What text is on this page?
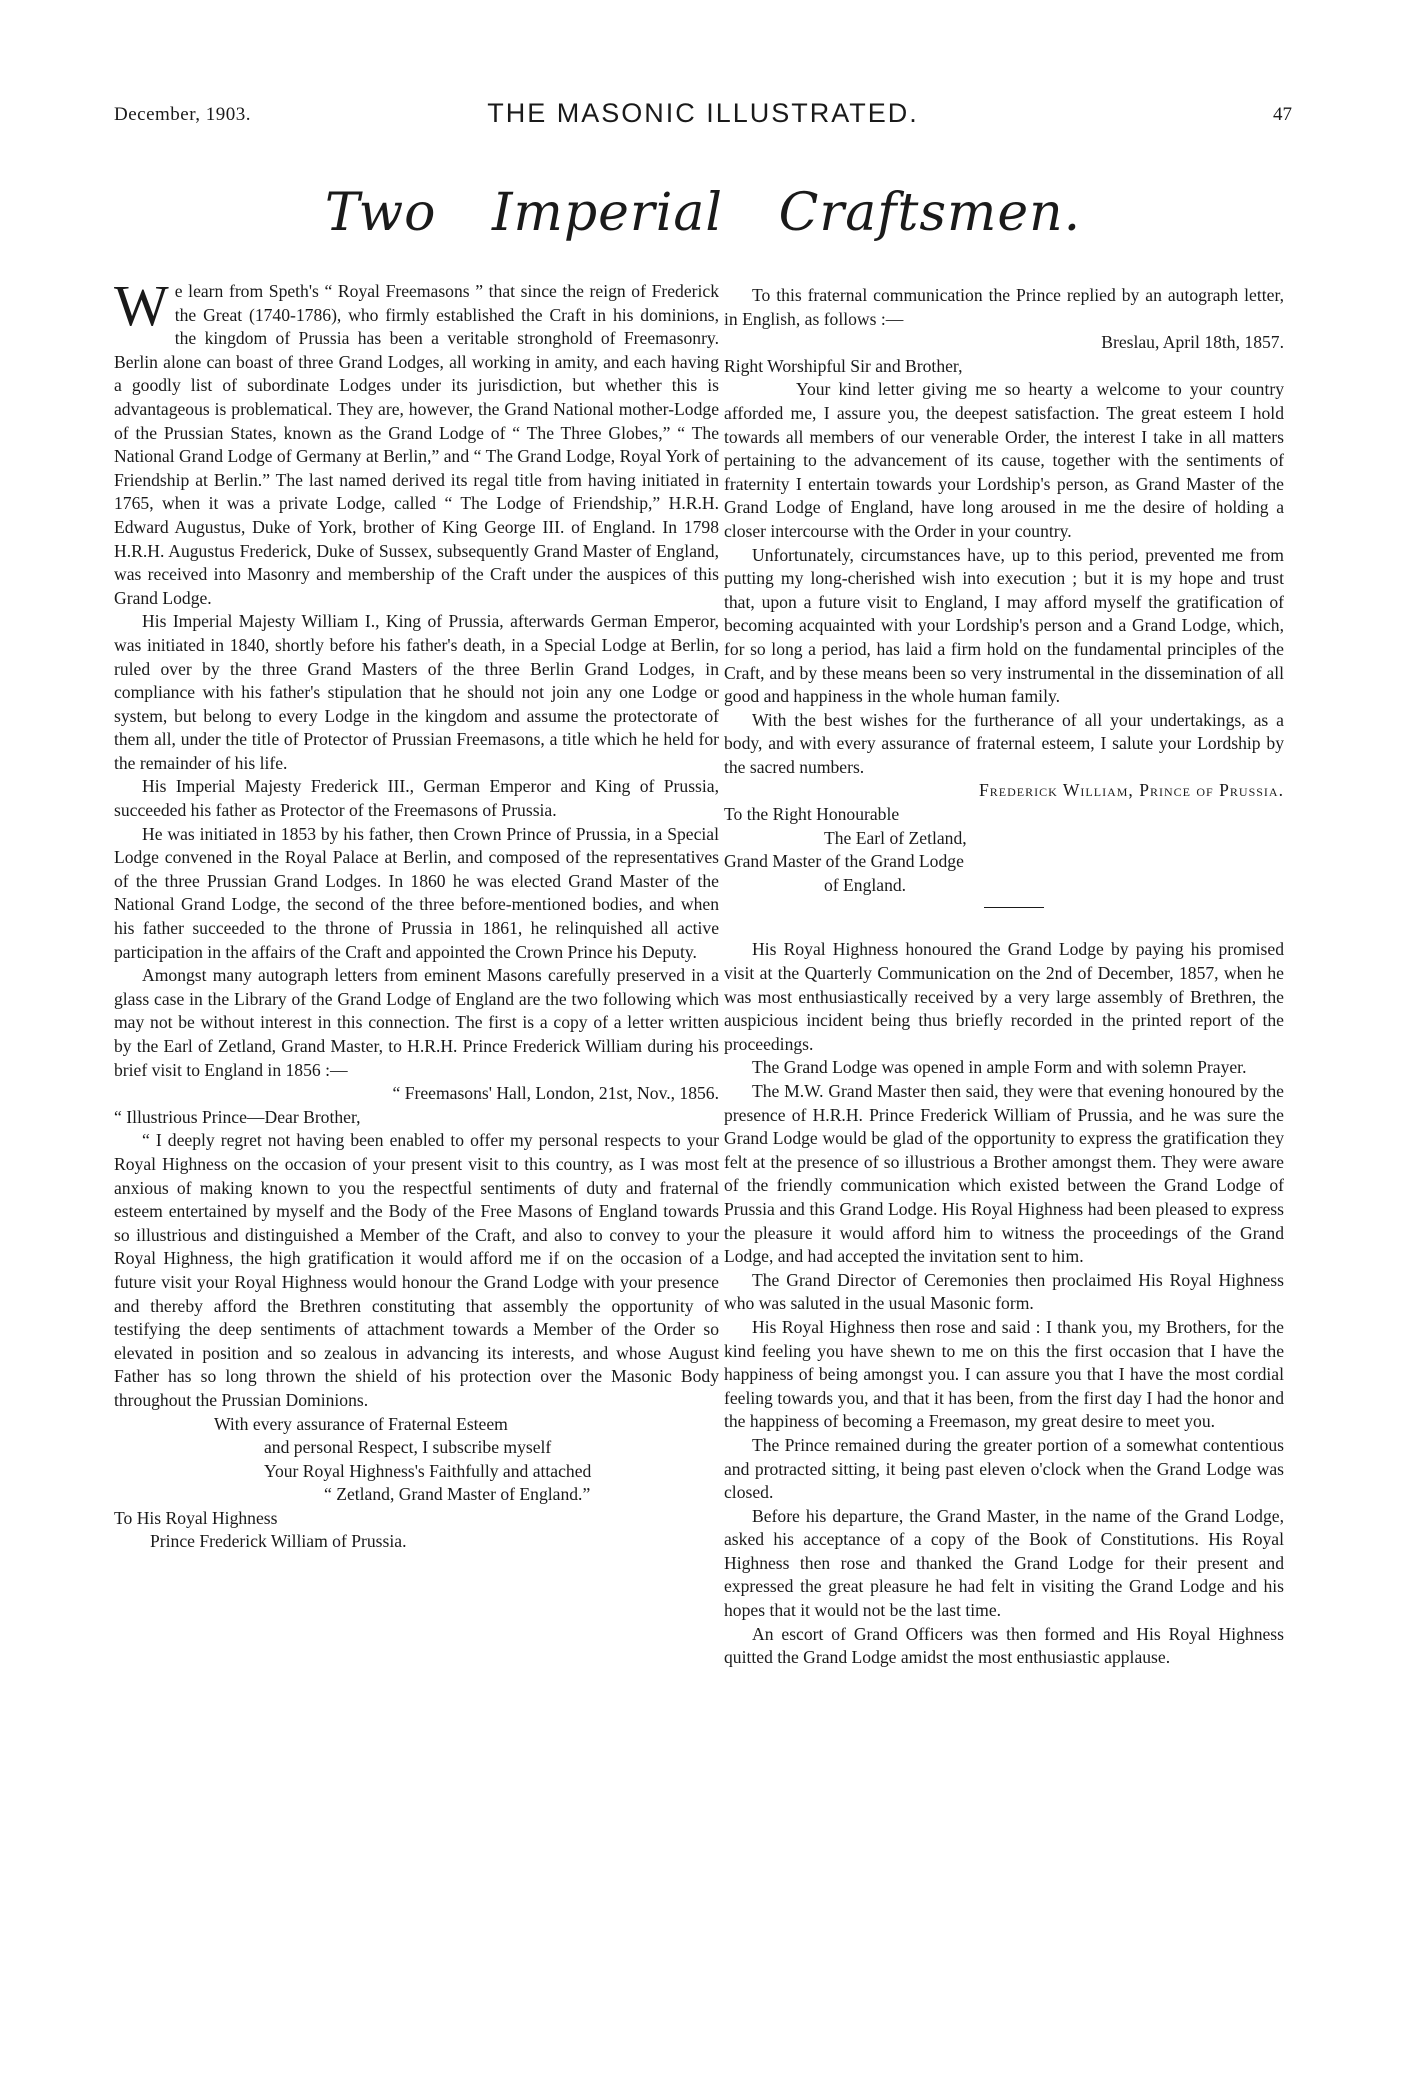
December, 1903.	THE MASONIC ILLUSTRATED.	47
Two Imperial Craftsmen.

We learn from Speth's “ Royal Freemasons ” that since the reign of Frederick the Great (1740-1786), who firmly established the Craft in his dominions, the kingdom of Prussia has been a veritable stronghold of Freemasonry. Berlin alone can boast of three Grand Lodges, all working in amity, and each having a goodly list of subordinate Lodges under its jurisdiction, but whether this is advantageous is problematical. They are, however, the Grand National mother-Lodge of the Prussian States, known as the Grand Lodge of “ The Three Globes,” “ The National Grand Lodge of Germany at Berlin,” and “ The Grand Lodge, Royal York of Friendship at Berlin.” The last named derived its regal title from having initiated in 1765, when it was a private Lodge, called “ The Lodge of Friendship,” H.R.H. Edward Augustus, Duke of York, brother of King George III. of England. In 1798 H.R.H. Augustus Frederick, Duke of Sussex, subsequently Grand Master of England, was received into Masonry and membership of the Craft under the auspices of this Grand Lodge.

His Imperial Majesty William I., King of Prussia, afterwards German Emperor, was initiated in 1840, shortly before his father's death, in a Special Lodge at Berlin, ruled over by the three Grand Masters of the three Berlin Grand Lodges, in compliance with his father's stipulation that he should not join any one Lodge or system, but belong to every Lodge in the kingdom and assume the protectorate of them all, under the title of Protector of Prussian Freemasons, a title which he held for the remainder of his life.

His Imperial Majesty Frederick III., German Emperor and King of Prussia, succeeded his father as Protector of the Freemasons of Prussia.

He was initiated in 1853 by his father, then Crown Prince of Prussia, in a Special Lodge convened in the Royal Palace at Berlin, and composed of the representatives of the three Prussian Grand Lodges. In 1860 he was elected Grand Master of the National Grand Lodge, the second of the three before-mentioned bodies, and when his father succeeded to the throne of Prussia in 1861, he relinquished all active participation in the affairs of the Craft and appointed the Crown Prince his Deputy.

Amongst many autograph letters from eminent Masons carefully preserved in a glass case in the Library of the Grand Lodge of England are the two following which may not be without interest in this connection. The first is a copy of a letter written by the Earl of Zetland, Grand Master, to H.R.H. Prince Frederick William during his brief visit to England in 1856 :—

“ Freemasons' Hall, London, 21st, Nov., 1856.

“ Illustrious Prince—Dear Brother,

“ I deeply regret not having been enabled to offer my personal respects to your Royal Highness on the occasion of your present visit to this country, as I was most anxious of making known to you the respectful sentiments of duty and fraternal esteem entertained by myself and the Body of the Free Masons of England towards so illustrious and distinguished a Member of the Craft, and also to convey to your Royal Highness, the high gratification it would afford me if on the occasion of a future visit your Royal Highness would honour the Grand Lodge with your presence and thereby afford the Brethren constituting that assembly the opportunity of testifying the deep sentiments of attachment towards a Member of the Order so elevated in position and so zealous in advancing its interests, and whose August Father has so long thrown the shield of his protection over the Masonic Body throughout the Prussian Dominions.

With every assurance of Fraternal Esteem

and personal Respect, I subscribe myself

Your Royal Highness's Faithfully and attached

“ Zetland, Grand Master of England.”

To His Royal Highness

Prince Frederick William of Prussia.

To this fraternal communication the Prince replied by an autograph letter, in English, as follows :—

Breslau, April 18th, 1857.

Right Worshipful Sir and Brother,

Your kind letter giving me so hearty a welcome to your country afforded me, I assure you, the deepest satisfaction. The great esteem I hold towards all members of our venerable Order, the interest I take in all matters pertaining to the advancement of its cause, together with the sentiments of fraternity I entertain towards your Lordship's person, as Grand Master of the Grand Lodge of England, have long aroused in me the desire of holding a closer intercourse with the Order in your country.

Unfortunately, circumstances have, up to this period, prevented me from putting my long-cherished wish into execution ; but it is my hope and trust that, upon a future visit to England, I may afford myself the gratification of becoming acquainted with your Lordship's person and a Grand Lodge, which, for so long a period, has laid a firm hold on the fundamental principles of the Craft, and by these means been so very instrumental in the dissemination of all good and happiness in the whole human family.

With the best wishes for the furtherance of all your undertakings, as a body, and with every assurance of fraternal esteem, I salute your Lordship by the sacred numbers.

Frederick William, Prince of Prussia.

To the Right Honourable

The Earl of Zetland,

Grand Master of the Grand Lodge

of England.

His Royal Highness honoured the Grand Lodge by paying his promised visit at the Quarterly Communication on the 2nd of December, 1857, when he was most enthusiastically received by a very large assembly of Brethren, the auspicious incident being thus briefly recorded in the printed report of the proceedings.

The Grand Lodge was opened in ample Form and with solemn Prayer.

The M.W. Grand Master then said, they were that evening honoured by the presence of H.R.H. Prince Frederick William of Prussia, and he was sure the Grand Lodge would be glad of the opportunity to express the gratification they felt at the presence of so illustrious a Brother amongst them. They were aware of the friendly communication which existed between the Grand Lodge of Prussia and this Grand Lodge. His Royal Highness had been pleased to express the pleasure it would afford him to witness the proceedings of the Grand Lodge, and had accepted the invitation sent to him.

The Grand Director of Ceremonies then proclaimed His Royal Highness who was saluted in the usual Masonic form.

His Royal Highness then rose and said : I thank you, my Brothers, for the kind feeling you have shewn to me on this the first occasion that I have the happiness of being amongst you. I can assure you that I have the most cordial feeling towards you, and that it has been, from the first day I had the honor and the happiness of becoming a Freemason, my great desire to meet you.

The Prince remained during the greater portion of a somewhat contentious and protracted sitting, it being past eleven o'clock when the Grand Lodge was closed.

Before his departure, the Grand Master, in the name of the Grand Lodge, asked his acceptance of a copy of the Book of Constitutions. His Royal Highness then rose and thanked the Grand Lodge for their present and expressed the great pleasure he had felt in visiting the Grand Lodge and his hopes that it would not be the last time.

An escort of Grand Officers was then formed and His Royal Highness quitted the Grand Lodge amidst the most enthusiastic applause.
